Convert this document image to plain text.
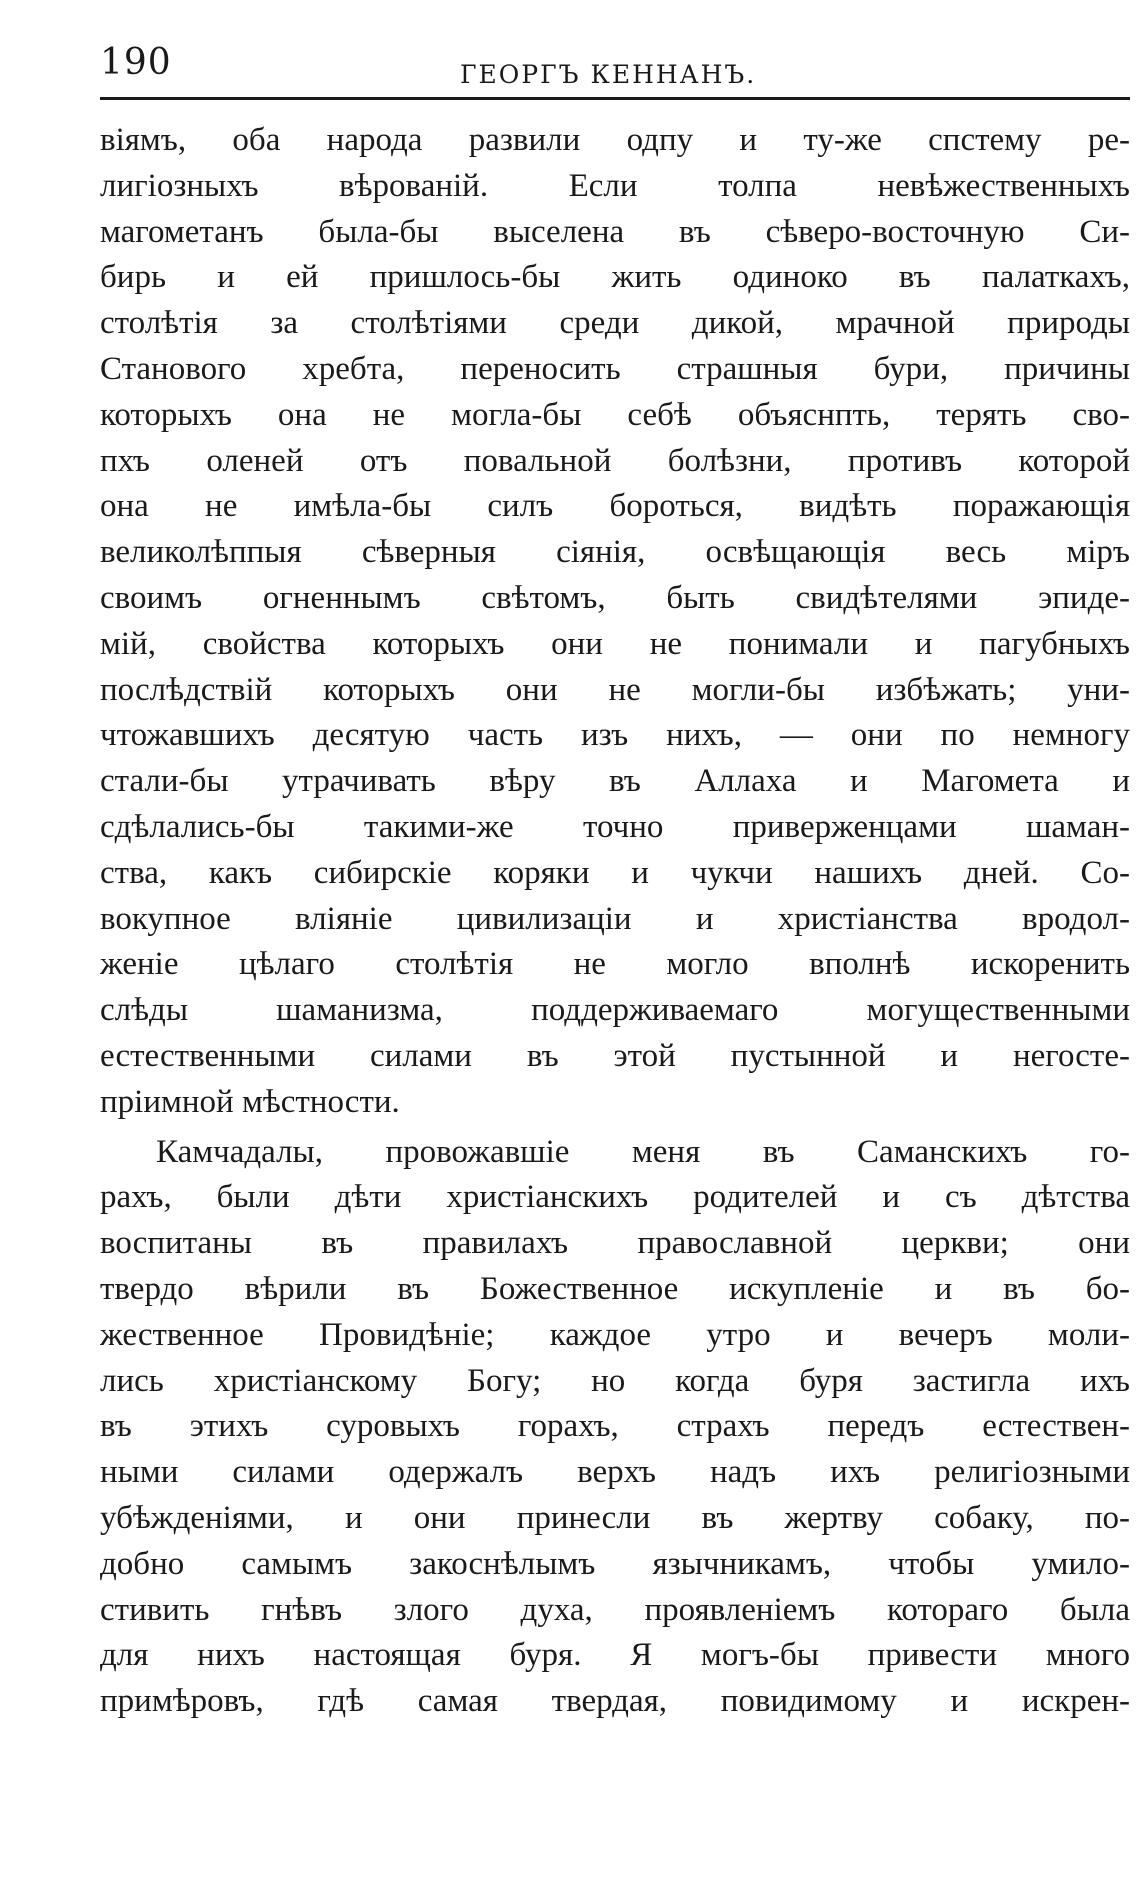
190	ГЕОРГЪ КЕННАНЪ.
віямъ, оба народа развили одпу и ту-же спстему ре-
лигіозныхъ вѣрованій. Если толпа невѣжественныхъ
магометанъ была-бы выселена въ сѣверо-восточную Си-
бирь и ей пришлось-бы жить одиноко въ палаткахъ,
столѣтія за столѣтіями среди дикой, мрачной природы
Станового хребта, переносить страшныя бури, причины
которыхъ она не могла-бы себѣ объяснпть, терять сво-
пхъ оленей отъ повальной болѣзни, противъ которой
она не имѣла-бы силъ бороться, видѣть поражающія
великолѣппыя сѣверныя сіянія, освѣщающія весь міръ
своимъ огненнымъ свѣтомъ, быть свидѣтелями эпиде-
мій, свойства которыхъ они не понимали и пагубныхъ
послѣдствій которыхъ они не могли-бы избѣжать; уни-
чтожавшихъ десятую часть изъ нихъ, — они по немногу
стали-бы утрачивать вѣру въ Аллаха и Магомета и
сдѣлались-бы такими-же точно приверженцами шаман-
ства, какъ сибирскіе коряки и чукчи нашихъ дней. Со-
вокупное вліяніе цивилизаціи и христіанства вродол-
женіе цѣлаго столѣтія не могло вполнѣ искоренить
слѣды шаманизма, поддерживаемаго могущественными
естественными силами въ этой пустынной и негосте-
пріимной мѣстности.
Камчадалы, провожавшіе меня въ Саманскихъ го-
рахъ, были дѣти христіанскихъ родителей и съ дѣтства
воспитаны въ правилахъ православной церкви; они
твердо вѣрили въ Божественное искупленіе и въ бо-
жественное Провидѣніе; каждое утро и вечеръ моли-
лись христіанскому Богу; но когда буря застигла ихъ
въ этихъ суровыхъ горахъ, страхъ передъ естествен-
ными силами одержалъ верхъ надъ ихъ религіозными
убѣжденіями, и они принесли въ жертву собаку, по-
добно самымъ закоснѣлымъ язычникамъ, чтобы умило-
стивить гнѣвъ злого духа, проявленіемъ котораго была
для нихъ настоящая буря. Я могъ-бы привести много
примѣровъ, гдѣ самая твердая, повидимому и искрен-
